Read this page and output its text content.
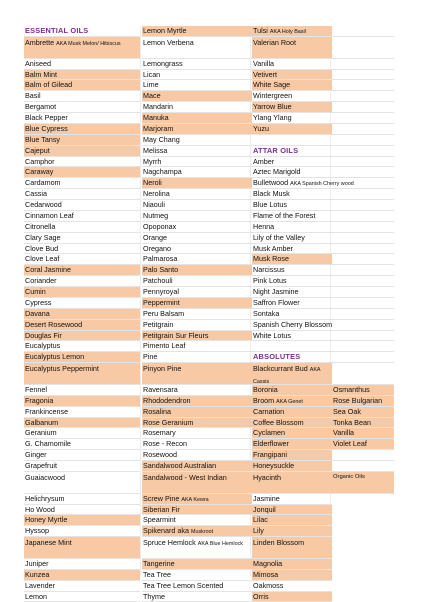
ESSENTIAL OILS
Ambrette AKA Musk Melon/ Hibiscus
Aniseed
Balm Mint
Balm of Gilead
Basil
Bergamot
Black Pepper
Blue Cypress
Blue Tansy
Cajeput
Camphor
Caraway
Cardamom
Cassia
Cedarwood
Cinnamon Leaf
Citronella
Clary Sage
Clove Bud
Clove Leaf
Coral Jasmine
Coriander
Cumin
Cypress
Davana
Desert Rosewood
Douglas Fir
Eucalyptus
Eucalyptus Lemon
Eucalyptus Peppermint
Fennel
Fragonia
Frankincense
Galbanum
Geranium
G. Chamomile
Ginger
Grapefruit
Guaiacwood
Helichrysum
Ho Wood
Honey Myrtle
Hyssop
Japanese Mint
Juniper
Kunzea
Lavender
Lemon
Lemon Myrtle
Lemon Verbena
Lemongrass
Lican
Lime
Mace
Mandarin
Manuka
Marjoram
May Chang
Melissa
Myrrh
Nagchampa
Neroli
Nerolina
Niaouli
Nutmeg
Opoponax
Orange
Oregano
Palmarosa
Palo Santo
Patchouli
Pennyroyal
Peppermint
Peru Balsam
Petitgrain
Petitgrain Sur Fleurs
Pimento Leaf
Pine
Pinyon Pine
Ravensara
Rhododendron
Rosalina
Rose Geranium
Rosemary
Rose - Recon
Rosewood
Sandalwood Australian
Sandalwood - West Indian
Screw Pine AKA Kewra
Siberian Fir
Spearmint
Spikenard aka Muskroot
Spruce Hemlock AKA Blue Hemlock
Tangerine
Tea Tree
Tea Tree Lemon Scented
Thyme
Tulsi AKA Holy Basil
Valerian Root
Vanilla
Vetivert
White Sage
Wintergreen
Yarrow Blue
Ylang Ylang
Yuzu
ATTAR OILS
Amber
Aztec Marigold
Bulletwood AKA Spanish Cherry wood
Black Musk
Blue Lotus
Flame of the Forest
Henna
Lily of the Valley
Musk Amber
Musk Rose
Narcissus
Pink Lotus
Night Jasmine
Saffron Flower
Sontaka
Spanish Cherry Blossom
White Lotus
ABSOLUTES
Blackcurrant Bud AKA Cassis
Boronia
Broom AKA Genet
Carnation
Coffee Blossom
Cyclamen
Elderflower
Frangipani
Honeysuckle
Hyacinth
Jasmine
Jonquil
Lilac
Lily
Linden Blossom
Magnolia
Mimosa
Oakmoss
Orris
Osmanthus
Rose Bulgarian
Sea Oak
Tonka Bean
Vanilla
Violet Leaf
Organic Oils
